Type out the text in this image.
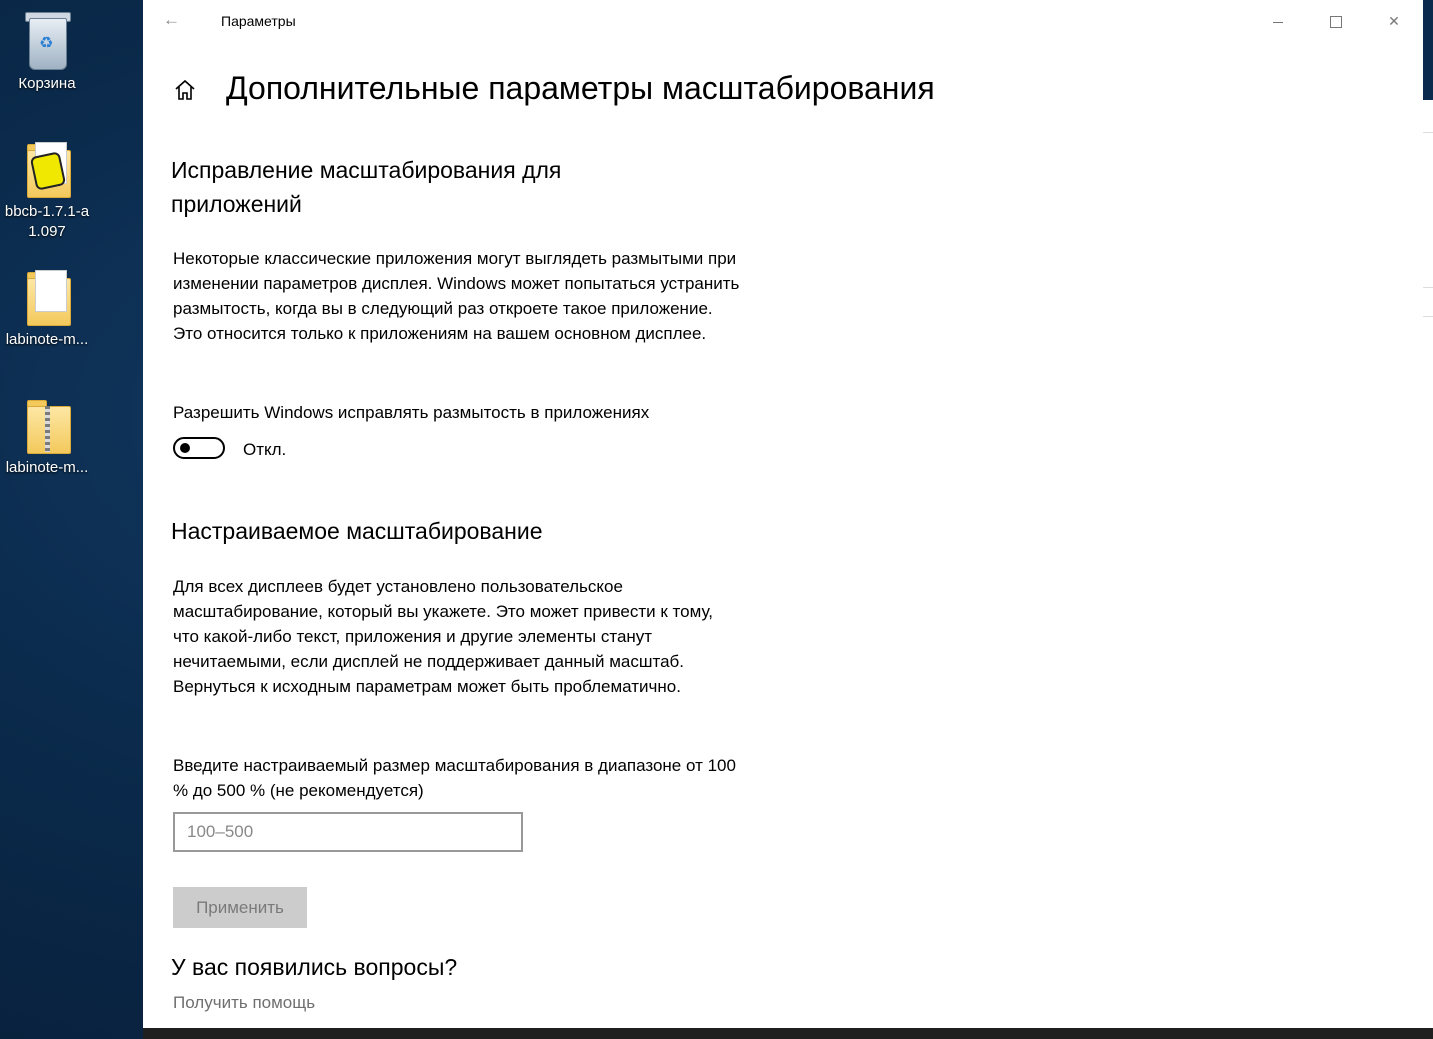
♻
Корзина
bbcb-1.7.1-a 1.097
labinote-m...
labinote-m...
←	Параметры	✕
Дополнительные параметры масштабирования
Исправление масштабирования для
приложений
Некоторые классические приложения могут выглядеть размытыми при изменении параметров дисплея. Windows может попытаться устранить размытость, когда вы в следующий раз откроете такое приложение. Это относится только к приложениям на вашем основном дисплее.
Разрешить Windows исправлять размытость в приложениях
Откл.
Настраиваемое масштабирование
Для всех дисплеев будет установлено пользовательское масштабирование, который вы укажете. Это может привести к тому, что какой-либо текст, приложения и другие элементы станут нечитаемыми, если дисплей не поддерживает данный масштаб. Вернуться к исходным параметрам может быть проблематично.
Введите настраиваемый размер масштабирования в диапазоне от 100 % до 500 % (не рекомендуется)
100–500
Применить
У вас появились вопросы?
Получить помощь
